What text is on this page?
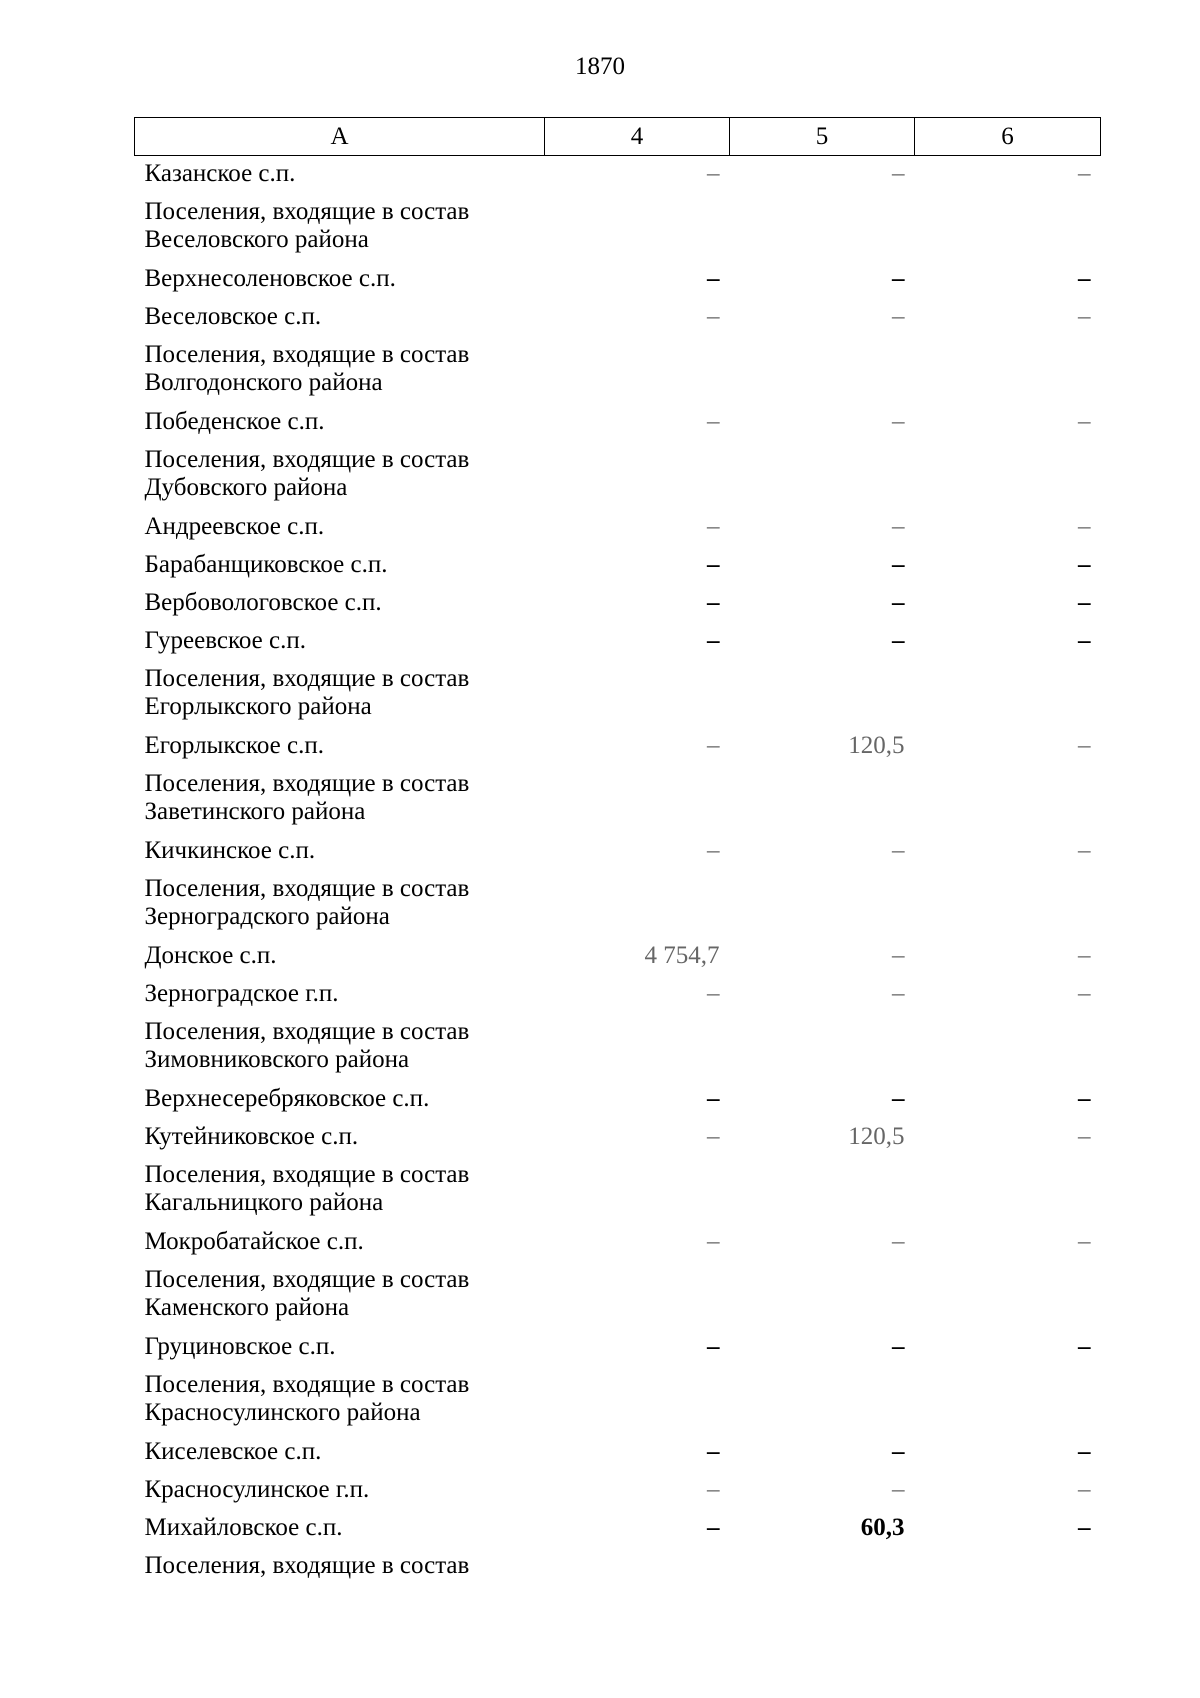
1870
А	4	5	6
Казанское с.п.	–	–	–
Поселения, входящие в состав Веселовского района			
Верхнесоленовское с.п.	–	–	–
Веселовское с.п.	–	–	–
Поселения, входящие в состав Волгодонского района			
Победенское с.п.	–	–	–
Поселения, входящие в состав Дубовского района			
Андреевское с.п.	–	–	–
Барабанщиковское с.п.	–	–	–
Вербовологовское с.п.	–	–	–
Гуреевское с.п.	–	–	–
Поселения, входящие в состав Егорлыкского района			
Егорлыкское с.п.	–	120,5	–
Поселения, входящие в состав Заветинского района			
Кичкинское с.п.	–	–	–
Поселения, входящие в состав Зерноградского района			
Донское с.п.	4 754,7	–	–
Зерноградское г.п.	–	–	–
Поселения, входящие в состав Зимовниковского района			
Верхнесеребряковское с.п.	–	–	–
Кутейниковское с.п.	–	120,5	–
Поселения, входящие в состав Кагальницкого района			
Мокробатайское с.п.	–	–	–
Поселения, входящие в состав Каменского района			
Груциновское с.п.	–	–	–
Поселения, входящие в состав Красносулинского района			
Киселевское с.п.	–	–	–
Красносулинское г.п.	–	–	–
Михайловское с.п.	–	60,3	–
Поселения, входящие в состав			
